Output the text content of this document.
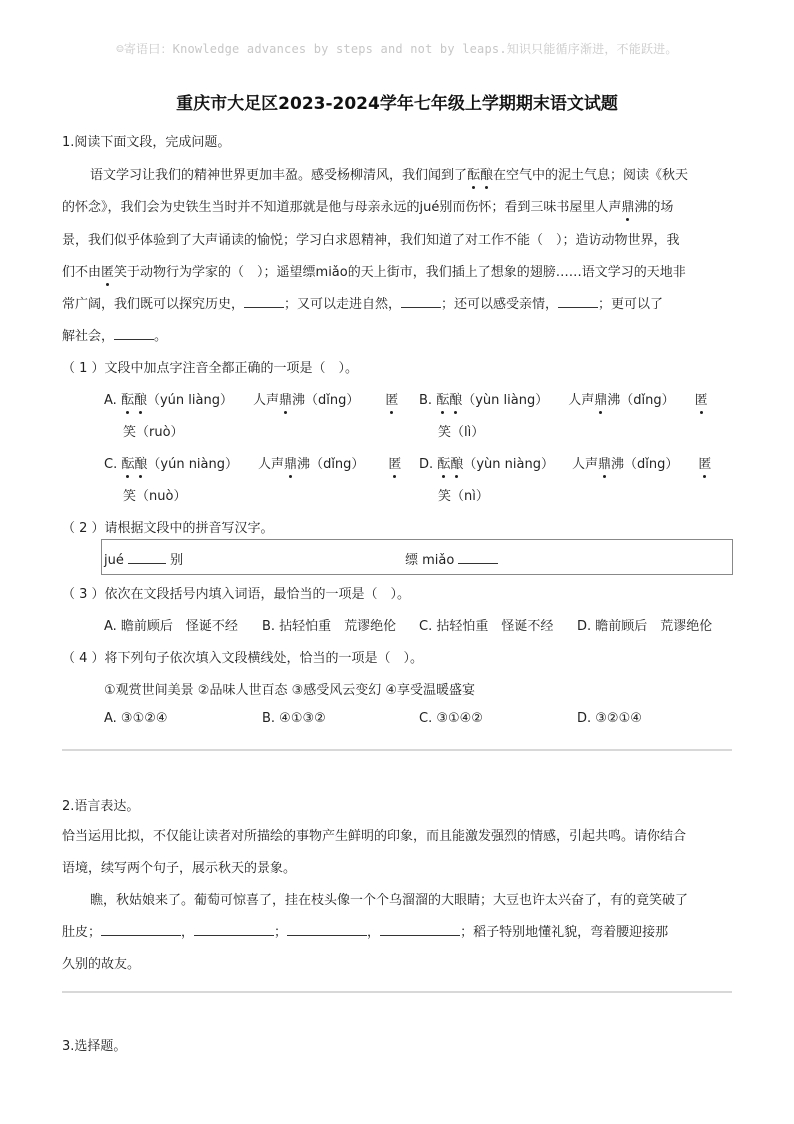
☺寄语曰：Knowledge advances by steps and not by leaps.知识只能循序渐进，不能跃进。
重庆市大足区2023-2024学年七年级上学期期末语文试题
1.阅读下面文段，完成问题。
语文学习让我们的精神世界更加丰盈。感受杨柳清风，我们闻到了酝酿在空气中的泥土气息；阅读《秋天
的怀念》，我们会为史铁生当时并不知道那就是他与母亲永远的jué别而伤怀；看到三味书屋里人声鼎沸的场
景，我们似乎体验到了大声诵读的愉悦；学习白求恩精神，我们知道了对工作不能（　）；造访动物世界，我
们不由匿笑于动物行为学家的（　）；遥望缥miǎo的天上街市，我们插上了想象的翅膀……语文学习的天地非
常广阔，我们既可以探究历史，	；又可以走进自然，	；还可以感受亲情，	；更可以了
解社会，	。
（ 1 ）文段中加点字注音全都正确的一项是（　）。
A. 酝酿（yún liàng） 人声鼎沸（dǐng） 匿
笑（ruò）
B. 酝酿（yùn liàng） 人声鼎沸（dǐng） 匿
笑（lì）
C. 酝酿（yún niàng） 人声鼎沸（dǐng） 匿
笑（nuò）
D. 酝酿（yùn niàng） 人声鼎沸（dǐng） 匿
笑（nì）
（ 2 ）请根据文段中的拼音写汉字。
jué	别	缥 miǎo
（ 3 ）依次在文段括号内填入词语，最恰当的一项是（　）。
A. 瞻前顾后　怪诞不经 B. 拈轻怕重　荒谬绝伦 C. 拈轻怕重　怪诞不经 D. 瞻前顾后　荒谬绝伦
（ 4 ）将下列句子依次填入文段横线处，恰当的一项是（　）。
①观赏世间美景 ②品味人世百态 ③感受风云变幻 ④享受温暖盛宴
A. ③①②④	B. ④①③②	C. ③①④②	D. ③②①④
2.语言表达。
恰当运用比拟，不仅能让读者对所描绘的事物产生鲜明的印象，而且能激发强烈的情感，引起共鸣。请你结合
语境，续写两个句子，展示秋天的景象。
瞧，秋姑娘来了。葡萄可惊喜了，挂在枝头像一个个乌溜溜的大眼睛；大豆也许太兴奋了，有的竟笑破了
肚皮；	，	；	，	；稻子特别地懂礼貌，弯着腰迎接那
久别的故友。
3.选择题。
